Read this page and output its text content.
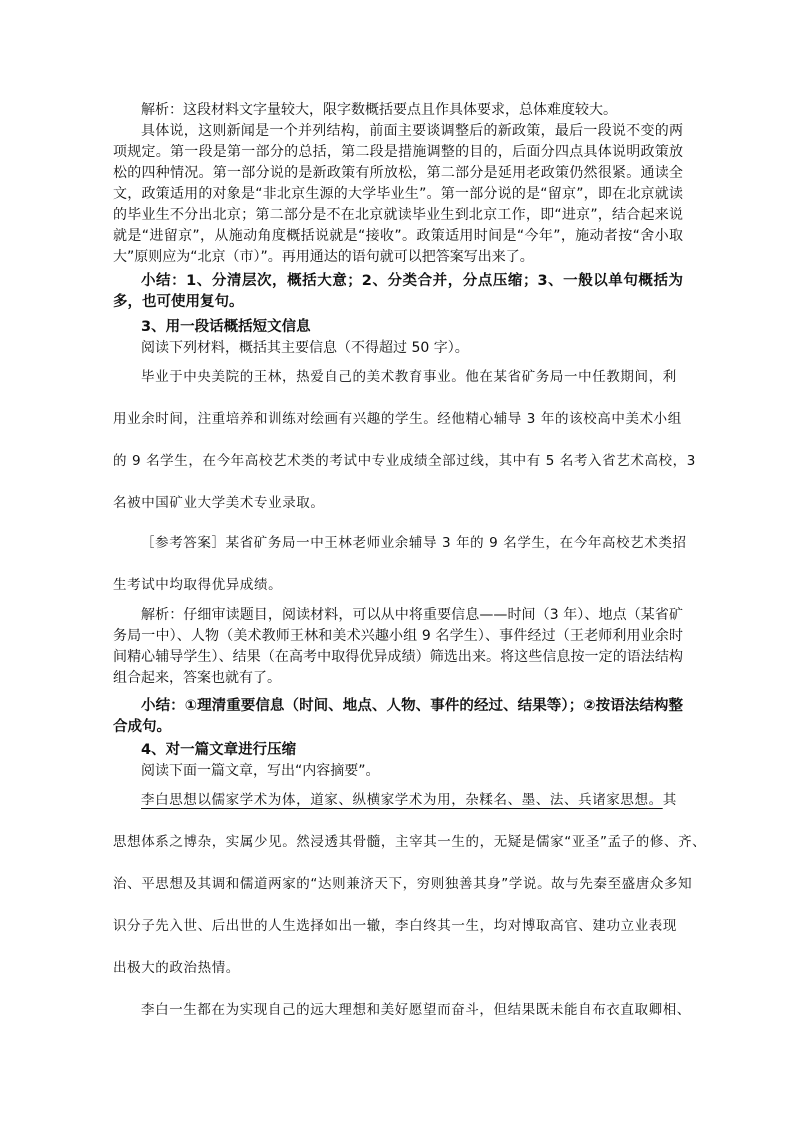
解析：这段材料文字量较大，限字数概括要点且作具体要求，总体难度较大。

具体说，这则新闻是一个并列结构，前面主要谈调整后的新政策，最后一段说不变的两项规定。第一段是第一部分的总括，第二段是措施调整的目的，后面分四点具体说明政策放松的四种情况。第一部分说的是新政策有所放松，第二部分是延用老政策仍然很紧。通读全文，政策适用的对象是“非北京生源的大学毕业生”。第一部分说的是“留京”，即在北京就读的毕业生不分出北京；第二部分是不在北京就读毕业生到北京工作，即“进京”，结合起来说就是“进留京”，从施动角度概括说就是“接收”。政策适用时间是“今年”，施动者按“舍小取大”原则应为“北京（市）”。再用通达的语句就可以把答案写出来了。

小结：1、分清层次，概括大意；2、分类合并，分点压缩；3、一般以单句概括为多，也可使用复句。

3、用一段话概括短文信息

阅读下列材料，概括其主要信息（不得超过 50 字）。

毕业于中央美院的王林，热爱自己的美术教育事业。他在某省矿务局一中任教期间，利

用业余时间，注重培养和训练对绘画有兴趣的学生。经他精心辅导 3 年的该校高中美术小组

的 9 名学生，在今年高校艺术类的考试中专业成绩全部过线，其中有 5 名考入省艺术高校，3

名被中国矿业大学美术专业录取。

［参考答案］某省矿务局一中王林老师业余辅导 3 年的 9 名学生，在今年高校艺术类招

生考试中均取得优异成绩。

解析：仔细审读题目，阅读材料，可以从中将重要信息——时间（3 年）、地点（某省矿务局一中）、人物（美术教师王林和美术兴趣小组 9 名学生）、事件经过（王老师利用业余时间精心辅导学生）、结果（在高考中取得优异成绩）筛选出来。将这些信息按一定的语法结构组合起来，答案也就有了。

小结：①理清重要信息（时间、地点、人物、事件的经过、结果等）；②按语法结构整合成句。

4、对一篇文章进行压缩

阅读下面一篇文章，写出“内容摘要”。

李白思想以儒家学术为体，道家、纵横家学术为用，杂糅名、墨、法、兵诸家思想。其

思想体系之博杂，实属少见。然浸透其骨髓，主宰其一生的，无疑是儒家“亚圣”孟子的修、齐、

治、平思想及其调和儒道两家的“达则兼济天下，穷则独善其身”学说。故与先秦至盛唐众多知

识分子先入世、后出世的人生选择如出一辙，李白终其一生，均对博取高官、建功立业表现

出极大的政治热情。

李白一生都在为实现自己的远大理想和美好愿望而奋斗，但结果既未能自布衣直取卿相、
